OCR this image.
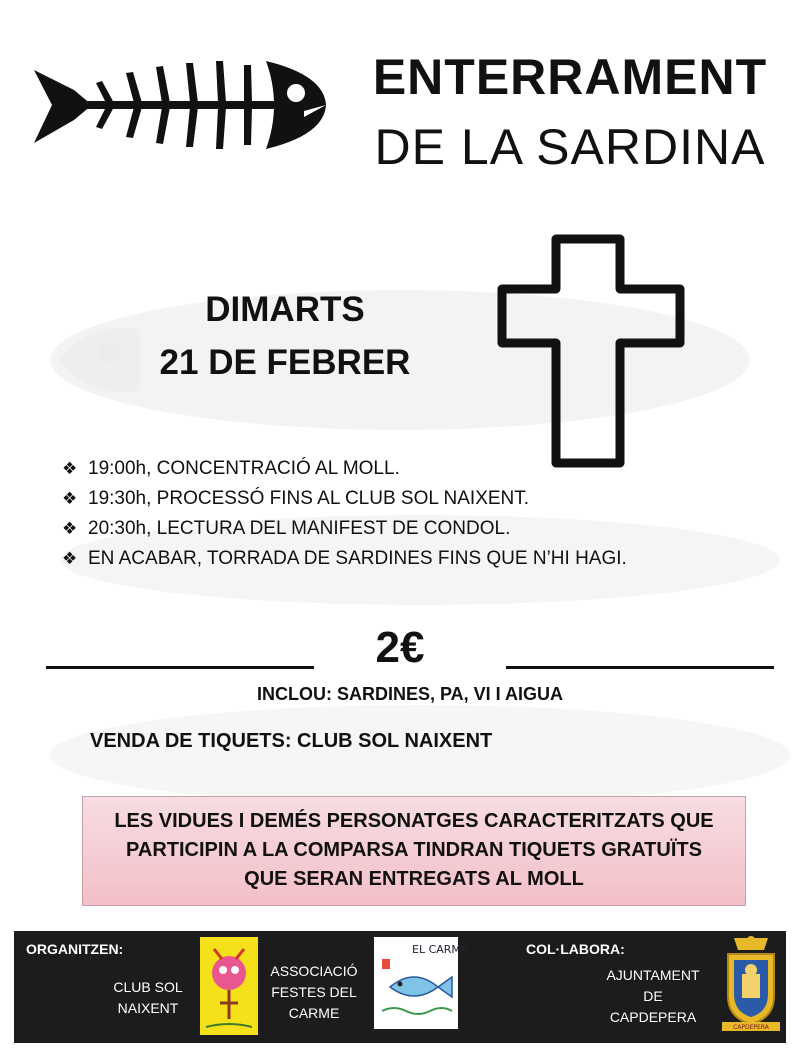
ENTERRAMENT
DE LA SARDINA
DIMARTS
21 DE FEBRER
❖ 19:00h, CONCENTRACIÓ AL MOLL.
❖ 19:30h, PROCESSÓ FINS AL CLUB SOL NAIXENT.
❖ 20:30h, LECTURA DEL MANIFEST DE CONDOL.
❖ EN ACABAR, TORRADA DE SARDINES FINS QUE N’HI HAGI.
2€
INCLOU: SARDINES, PA, VI I AIGUA
VENDA DE TIQUETS: CLUB SOL NAIXENT
LES VIDUES I DEMÉS PERSONATGES CARACTERITZATS QUE
PARTICIPIN A LA COMPARSA TINDRAN TIQUETS GRATUÏTS
QUE SERAN ENTREGATS AL MOLL
ORGANITZEN:
CLUB SOL
NAIXENT
ASSOCIACIÓ
FESTES DEL
CARME
EL CARME	COL·LABORA:
AJUNTAMENT
DE
CAPDEPERA
CAPDEPERA
